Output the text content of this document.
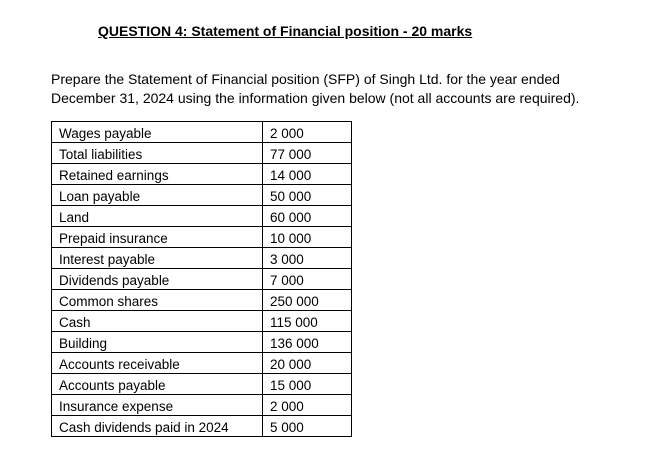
QUESTION 4: Statement of Financial position - 20 marks

Prepare the Statement of Financial position (SFP) of Singh Ltd. for the year ended

December 31, 2024 using the information given below (not all accounts are required).

Wages payable	2 000
Total liabilities	77 000
Retained earnings	14 000
Loan payable	50 000
Land	60 000
Prepaid insurance	10 000
Interest payable	3 000
Dividends payable	7 000
Common shares	250 000
Cash	115 000
Building	136 000
Accounts receivable	20 000
Accounts payable	15 000
Insurance expense	2 000
Cash dividends paid in 2024	5 000
